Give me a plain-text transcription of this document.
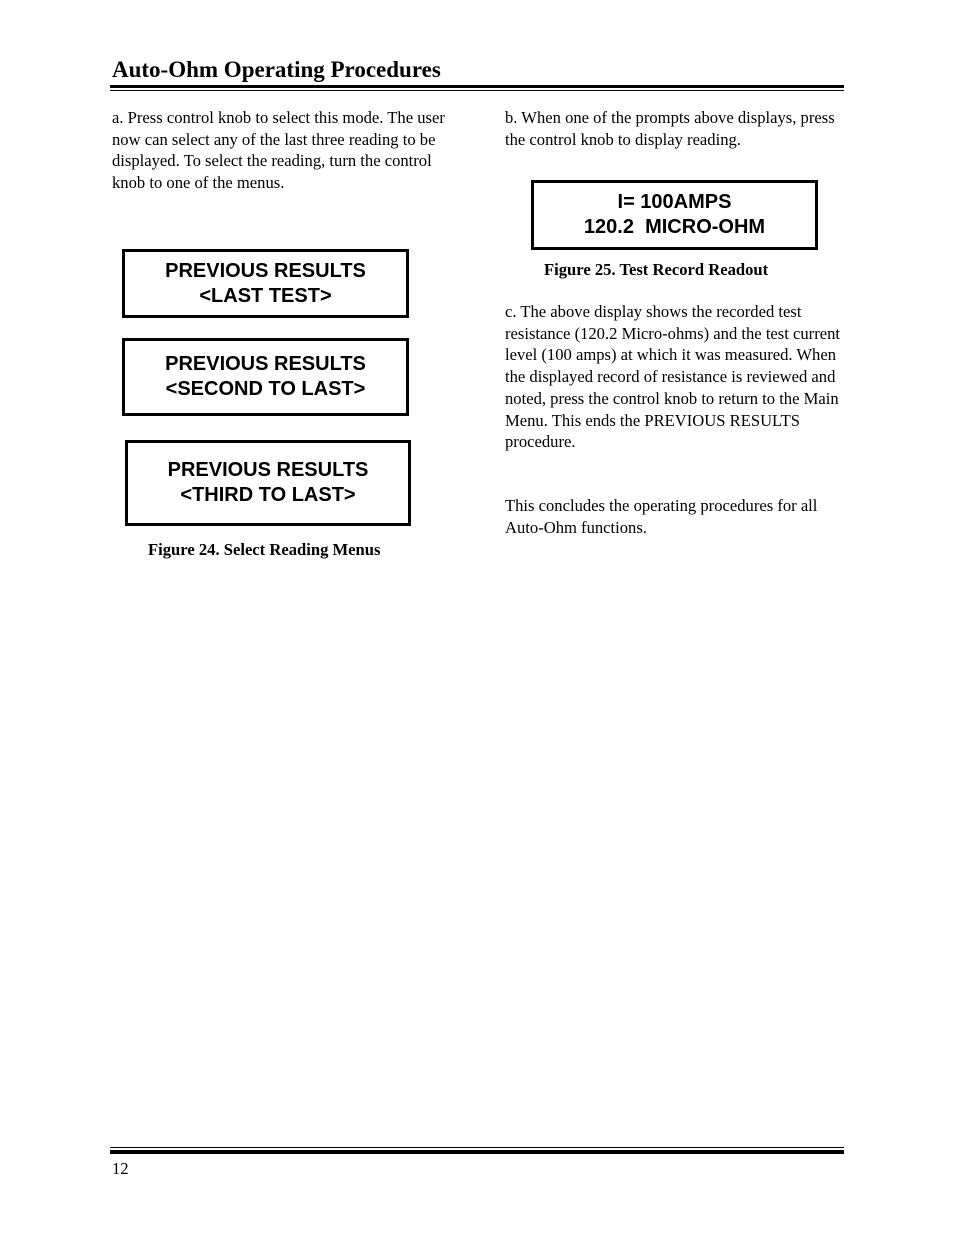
Auto-Ohm Operating Procedures

a. Press control knob to select this mode. The user now can select any of the last three reading to be displayed. To select the reading, turn the control knob to one of the menus.

PREVIOUS RESULTS
<LAST TEST>
PREVIOUS RESULTS
<SECOND TO LAST>
PREVIOUS RESULTS
<THIRD TO LAST>
Figure 24. Select Reading Menus

b. When one of the prompts above displays, press the control knob to display reading.

I= 100AMPS
120.2  MICRO-OHM
Figure 25. Test Record Readout

c. The above display shows the recorded test resistance (120.2 Micro-ohms) and the test current level (100 amps) at which it was measured. When the displayed record of resistance is reviewed and noted, press the control knob to return to the Main Menu. This ends the PREVIOUS RESULTS procedure.

This concludes the operating procedures for all Auto-Ohm functions.

12
